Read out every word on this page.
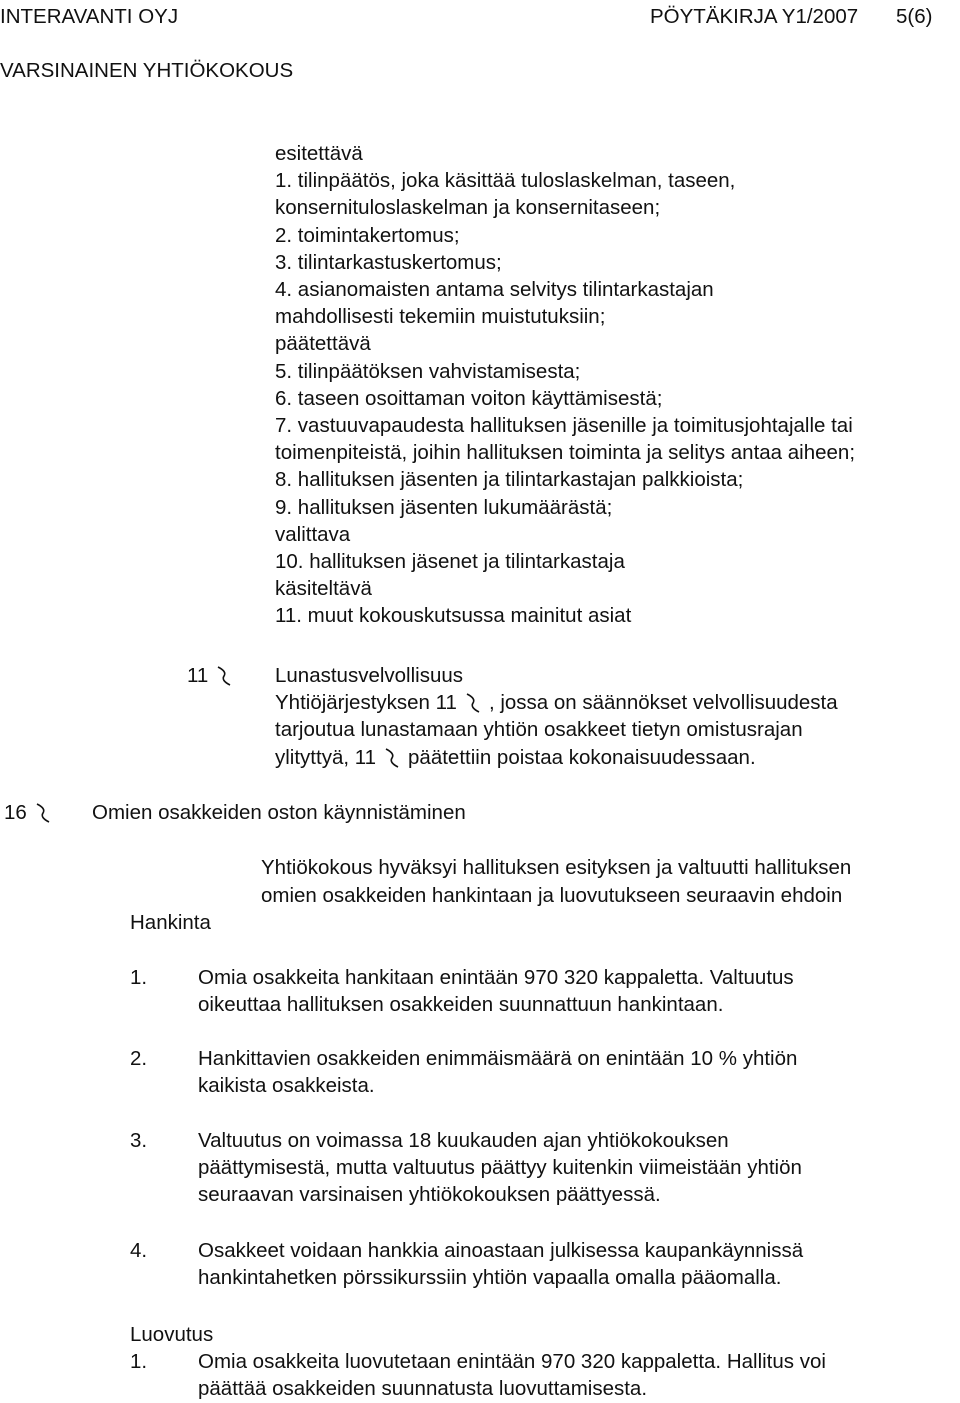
INTERAVANTI OYJ	PÖYTÄKIRJA Y1/2007 5(6)
VARSINAINEN YHTIÖKOKOUS
esitettävä
1. tilinpäätös, joka käsittää tuloslaskelman, taseen,
konsernituloslaskelman ja konsernitaseen;
2. toimintakertomus;
3. tilintarkastuskertomus;
4. asianomaisten antama selvitys tilintarkastajan
mahdollisesti tekemiin muistutuksiin;
päätettävä
5. tilinpäätöksen vahvistamisesta;
6. taseen osoittaman voiton käyttämisestä;
7. vastuuvapaudesta hallituksen jäsenille ja toimitusjohtajalle tai
toimenpiteistä, joihin hallituksen toiminta ja selitys antaa aiheen;
8. hallituksen jäsenten ja tilintarkastajan palkkioista;
9. hallituksen jäsenten lukumäärästä;
valittava
10. hallituksen jäsenet ja tilintarkastaja
käsiteltävä
11. muut kokouskutsussa mainitut asiat
11	Lunastusvelvollisuus
Yhtiöjärjestyksen 11 , jossa on säännökset velvollisuudesta
tarjoutua lunastamaan yhtiön osakkeet tietyn omistusrajan
ylityttyä, 11 päätettiin poistaa kokonaisuudessaan.
16	Omien osakkeiden oston käynnistäminen
Yhtiökokous hyväksyi hallituksen esityksen ja valtuutti hallituksen
omien osakkeiden hankintaan ja luovutukseen seuraavin ehdoin
Hankinta
1. Omia osakkeita hankitaan enintään 970 320 kappaletta. Valtuutus
oikeuttaa hallituksen osakkeiden suunnattuun hankintaan.
2. Hankittavien osakkeiden enimmäismäärä on enintään 10 % yhtiön
kaikista osakkeista.
3. Valtuutus on voimassa 18 kuukauden ajan yhtiökokouksen
päättymisestä, mutta valtuutus päättyy kuitenkin viimeistään yhtiön
seuraavan varsinaisen yhtiökokouksen päättyessä.
4. Osakkeet voidaan hankkia ainoastaan julkisessa kaupankäynnissä
hankintahetken pörssikurssiin yhtiön vapaalla omalla pääomalla.
Luovutus
1. Omia osakkeita luovutetaan enintään 970 320 kappaletta. Hallitus voi
päättää osakkeiden suunnatusta luovuttamisesta.
